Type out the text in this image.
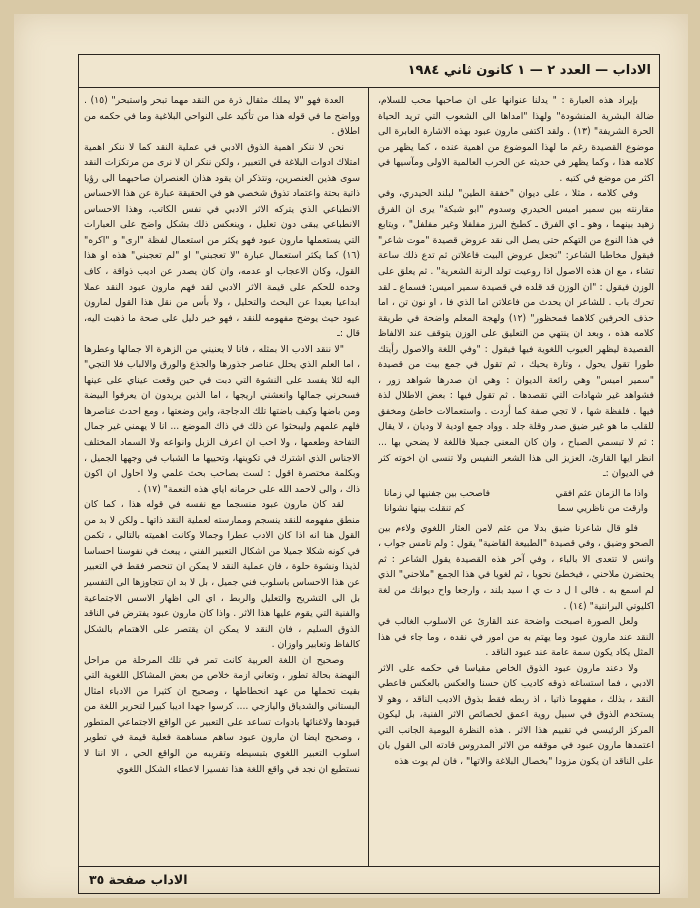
الاداب — العدد ٢ — ١ كانون ثاني ١٩٨٤

بإيراد هذه العبارة : " يدلنا عنوانها على ان صاحبها محب للسلام، ضالة البشرية المنشودة" ولهذا "امداها الى الشعوب التي تريد الحياة الحرة الشريفة" (١٣) . ولقد اكتفى مارون عبود بهذه الاشارة العابرة الى موضوع القصيدة رغم ما لهذا الموضوع من اهمية عنده ، كما يظهر من كلامه هذا ، وكما يظهر في حديثه عن الحرب العالمية الاولى ومآسيها في اكثر من موضع في كتبه .

وفي كلامه ، مثلا ، على ديوان "خفقة الطين" لبلند الحيدري، وفي مقارنته بين سمير اميس الحيدري وسدوم "ابو شبكة" يرى ان الفرق زهيد بينهما ، وهو ـ اي الفرق ـ كطبخ البرز مفلفلا وغير مفلفل" ، ويتابع في هذا النوع من التهكم حتى يصل الى نقد عروض قصيدة "موت شاعر" فيقول مخاطبا الشاعر: "تجعل عروض البيت فاعلاتن ثم تدع ذلك ساعة تشاء ، مع ان هذه الاصول اذا روعيت تولد الرنة الشعرية" . ثم يعلق على الوزن فيقول : "ان الوزن قد قلده في قصيدة سمير اميس: فسماع ـ لقد تحرك باب . للشاعر ان يحدث من فاعلاتن اما الذي فا ، او نون تن ، اما حذف الحرفين كلاهما فمحظور" (١٢) ولهجة المعلم واضحة في طريقة كلامه هذه ، وبعد ان ينتهي من التعليق على الوزن يتوقف عند الالفاظ القصيدة ليظهر العيوب اللغوية فيها فيقول : "وفي اللغة والاصول رأيتك طورا تقول يحول ، وتارة يحيك ، ثم تقول في جمع بيت من قصيدة "سمير اميس" وهي رائعة الديوان : وهي ان صدرها شواهد زور ، فشواهد غير شهادات التي تقصدها . ثم تقول فيها : بعض الاطلال لذة فيها . فلفظة شها ، لا تجي صفة كما أردت . واستعمالات خاطئ ومخفق للقلب ما هو غير ضيق صدر وقلة جلد . وواد جمع اودية لا وديان ، لا يقال : ثم لا تبسمي الصباح ، وان كان المعنى جميلا فاللغة لا يضحي بها ... انظر ايها القارئ، العزيز الى هذا الشعر النفيس ولا تنسى ان اخوته كثر في الديوان :ـ

واذا ما الزمان عثم افقي
فاصحب بين جفنيها لي زمانا
وارقت من ناظريي سما
كم تنقلت بينها نشوانا

فلو قال شاعرنا ضيق بدلا من عثم لامن العثار اللغوي ولاءم بين الصحو وضيق ، وفي قصيدة "الطبيعة القاضية" يقول : ولم تامس جواب ، وانس لا تتعدى الا بالباء ، وفي آخر هذه القصيدة يقول الشاعر : ثم يحتضرن ملاحني ، فيخطئ نحويا ، ثم لغويا في هذا الجمع "ملاحني" الذي لم اسمع به . فالى ا ل د ت ي ا سيد بلند ، وارجعا واح ديوانك من لغة اكليوتي البرانتية" (١٤) .

ولعل الصورة اصبحت واضحة عند القارئ عن الاسلوب الغالب في النقد عند مارون عبود وما يهتم به من امور في نقده ، وما جاء في هذا المثل يكاد يكون سمة عامة عند عبود الناقد .

ولا دعند مارون عبود الذوق الخاص مقياسا في حكمه على الاثر الادبي ، فما استساغه ذوقه كاديب كان حسنا والعكس بالعكس فاعطي النقد ، بذلك ، مفهوما ذاتيا ، اذ ربطه فقط بذوق الاديب الناقد ، وهو لا يستخدم الذوق في سبيل روية اعمق لخصائص الاثر الفنية، بل ليكون المركز الرئيسي في تقييم هذا الاثر . هذه النظرة اليومية الجانب التي اعتمدها مارون عبود في موقفه من الاثر المدروس قادته الى القول بان على الناقد ان يكون مزودا "بخصال البلاغة والاتها" ، فان لم يوت هذه

العدة فهو "لا يملك مثقال ذرة من النقد مهما تبحر واستبحر" (١٥) . وواضح ما في قوله هذا من تأكيد على النواحي البلاغية وما في حكمه من اطلاق .

نحن لا ننكر اهمية الذوق الادبي في عملية النقد كما لا ننكر اهمية امتلاك ادوات البلاغة في التعبير ، ولكن ننكر ان لا نرى من مرتكزات النقد سوى هذين العنصرين، ونتذكر ان يقود هذان العنصران صاحبهما الى رؤيا ذاتية بحتة واعتماد تذوق شخصي هو في الحقيقة عبارة عن هذا الاحساس الانطباعي الذي يتركه الاثر الادبي في نفس الكاتب، وهذا الاحساس الانطباعي يبقى دون تعليل ، وينعكس ذلك بشكل واضح على العبارات التي يستعملها مارون عبود فهو يكثر من استعمال لفظة "ارى" و "اكره" (١٦) كما يكثر استعمال عبارة "لا تعجبني" او "لم تعجبني" هذه او هذا القول، وكان الاعجاب او عدمه، وان كان يصدر عن اديب ذواقة ، كاف وحده للحكم على قيمة الاثر الادبي لقد فهم مارون عبود النقد عملا ابداعيا بعيدا عن البحث والتحليل ، ولا بأس من نقل هذا القول لمارون عبود حيث يوضح مفهومه للنقد ، فهو خير دليل على صحة ما ذهبت اليه، قال :ـ

"لا ننقد الادب الا بمثله ، فانا لا يعنيني من الزهرة الا جمالها وعطرها ، اما العلم الذي يحلل عناصر جذورها والجذع والورق والالباب فلا التجي" اليه لئلا يفسد على النشوة التي دبت في حين وقعت عيناي على عينها فسحرني جمالها وانعشني اريجها ، اما الذين يريدون ان يعرفوا البيضة ومن باضها وكيف باضتها تلك الدجاجة، واين وضعتها ، ومع احدث عناصرها فلهم علمهم وليبحثوا عن ذلك في ذاك الموضع ... انا لا يهمني غير جمال التفاحة وطعمها ، ولا احب ان اعرف الزبل وانواعه ولا السماد المختلف الاجناس الذي اشترك في تكوينها، وتحييها ما الشباب في وجهها الجميل ، وبكلمة مختصرة اقول : لست بصاحب بحث علمي ولا احاول ان اكون ذاك ، والى لاحمد الله على حرمانه اياي هذه النعمة" (١٧) .

لقد كان مارون عبود منسجما مع نفسه في قوله هذا ، كما كان منطق مفهومه للنقد ينسجم وممارسته لعملية النقد ذاتها ـ ولكن لا بد من القول هنا انه اذا كان الادب عطرا وجمالا وكانت اهميته بالتالي ، تكمن في كونه شكلا جميلا من اشكال التعبير الفني ، يبعث في نفوسنا احساسا لذيذا ونشوة حلوة ، فان عملية النقد لا يمكن ان تنحصر فقط في التعبير عن هذا الاحساس باسلوب فني جميل ، بل لا بد ان تتجاوزها الى التفسير بل الى التشريح والتعليل والربط ، اي الى اظهار الاسس الاجتماعية والفنية التي يقوم عليها هذا الاثر . واذا كان مارون عبود يفترض في الناقد الذوق السليم ، فان النقد لا يمكن ان يقتصر على الاهتمام بالشكل كالفاظ وتعابير واوزان .

وصحيح ان اللغة العربية كانت تمر في تلك المرحلة من مراحل النهضة بحالة تطور ، وتعاني ازمة خلاص من بعض المشاكل اللغوية التي بقيت تحملها من عهد انحطاطها ، وصحيح ان كثيرا من الادباء امثال البستاني والشدياق واليازجي .... كرسوا جهدا اديبا كبيرا لتحرير اللغة من قيودها ولاغنائها بادوات تساعد على التعبير عن الواقع الاجتماعي المتطور ، وصحيح ايضا ان مارون عبود ساهم مساهمة فعلية قيمة في تطوير اسلوب التعبير اللغوي بتبسيطه وتقريبه من الواقع الحي ، الا اننا لا نستطيع ان نجد في واقع اللغة هذا تفسيرا لاعطاء الشكل اللغوي

الاداب صفحة ٣٥
